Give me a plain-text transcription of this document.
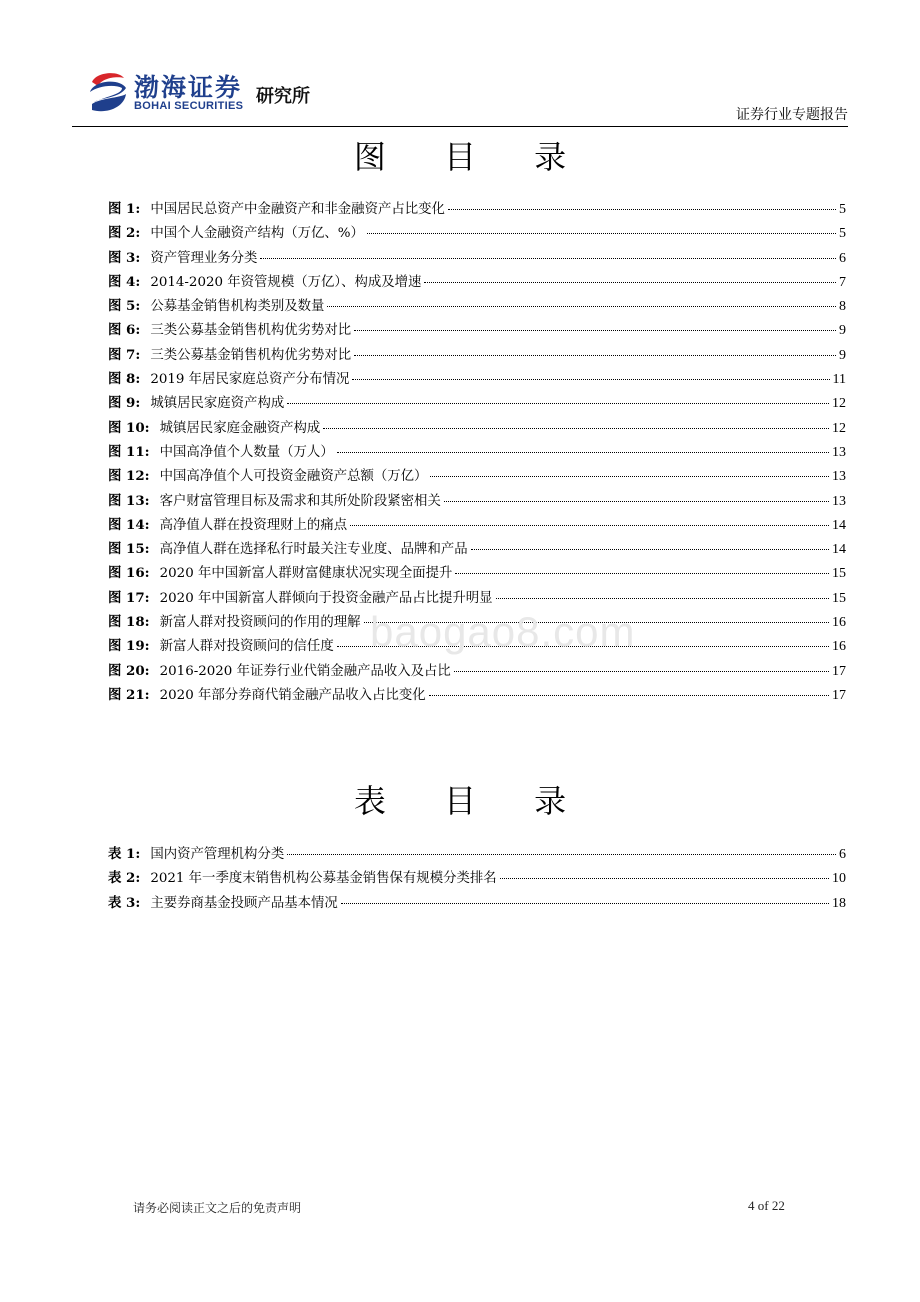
渤海证券
BOHAI SECURITIES 研究所
证券行业专题报告
图 目 录
图 1: 中国居民总资产中金融资产和非金融资产占比变化	5
图 2: 中国个人金融资产结构（万亿、%）	5
图 3: 资产管理业务分类	6
图 4: 2014-2020 年资管规模（万亿）、构成及增速	7
图 5: 公募基金销售机构类别及数量	8
图 6: 三类公募基金销售机构优劣势对比	9
图 7: 三类公募基金销售机构优劣势对比	9
图 8: 2019 年居民家庭总资产分布情况	11
图 9: 城镇居民家庭资产构成	12
图 10: 城镇居民家庭金融资产构成	12
图 11: 中国高净值个人数量（万人）	13
图 12: 中国高净值个人可投资金融资产总额（万亿）	13
图 13: 客户财富管理目标及需求和其所处阶段紧密相关	13
图 14: 高净值人群在投资理财上的痛点	14
图 15: 高净值人群在选择私行时最关注专业度、品牌和产品	14
图 16: 2020 年中国新富人群财富健康状况实现全面提升	15
图 17: 2020 年中国新富人群倾向于投资金融产品占比提升明显	15
图 18: 新富人群对投资顾问的作用的理解	16
图 19: 新富人群对投资顾问的信任度	16
图 20: 2016-2020 年证券行业代销金融产品收入及占比	17
图 21: 2020 年部分券商代销金融产品收入占比变化	17
baogao8.com
表 目 录
表 1: 国内资产管理机构分类	6
表 2: 2021 年一季度末销售机构公募基金销售保有规模分类排名	10
表 3: 主要券商基金投顾产品基本情况	18
请务必阅读正文之后的免责声明	4 of 22
